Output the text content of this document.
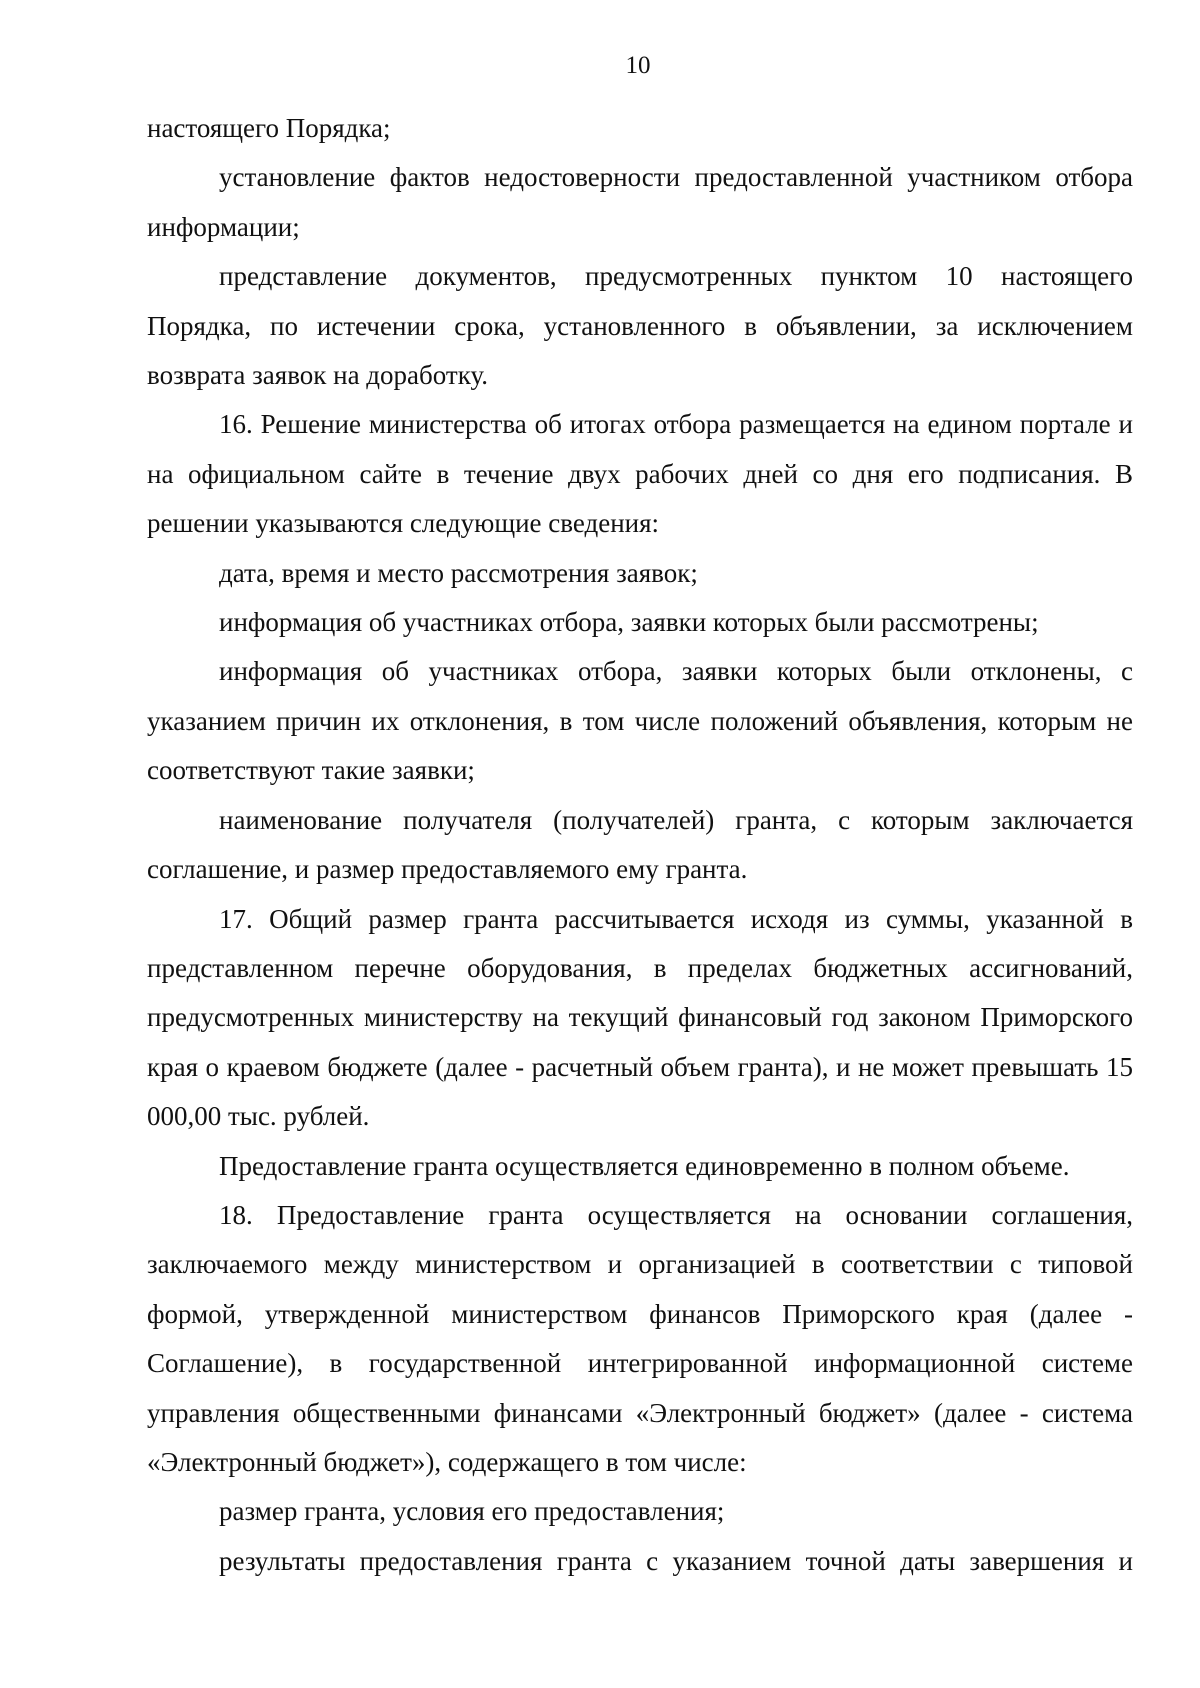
10

настоящего Порядка;

установление фактов недостоверности предоставленной участником отбора информации;

представление документов, предусмотренных пунктом 10 настоящего Порядка, по истечении срока, установленного в объявлении, за исключением возврата заявок на доработку.

16. Решение министерства об итогах отбора размещается на едином портале и на официальном сайте в течение двух рабочих дней со дня его подписания. В решении указываются следующие сведения:

дата, время и место рассмотрения заявок;

информация об участниках отбора, заявки которых были рассмотрены;

информация об участниках отбора, заявки которых были отклонены, с указанием причин их отклонения, в том числе положений объявления, которым не соответствуют такие заявки;

наименование получателя (получателей) гранта, с которым заключается соглашение, и размер предоставляемого ему гранта.

17. Общий размер гранта рассчитывается исходя из суммы, указанной в представленном перечне оборудования, в пределах бюджетных ассигнований, предусмотренных министерству на текущий финансовый год законом Приморского края о краевом бюджете (далее - расчетный объем гранта), и не может превышать 15 000,00 тыс. рублей.

Предоставление гранта осуществляется единовременно в полном объеме.

18. Предоставление гранта осуществляется на основании соглашения, заключаемого между министерством и организацией в соответствии с типовой формой, утвержденной министерством финансов Приморского края (далее - Соглашение), в государственной интегрированной информационной системе управления общественными финансами «Электронный бюджет» (далее - система «Электронный бюджет»), содержащего в том числе:

размер гранта, условия его предоставления;

результаты предоставления гранта с указанием точной даты завершения и
